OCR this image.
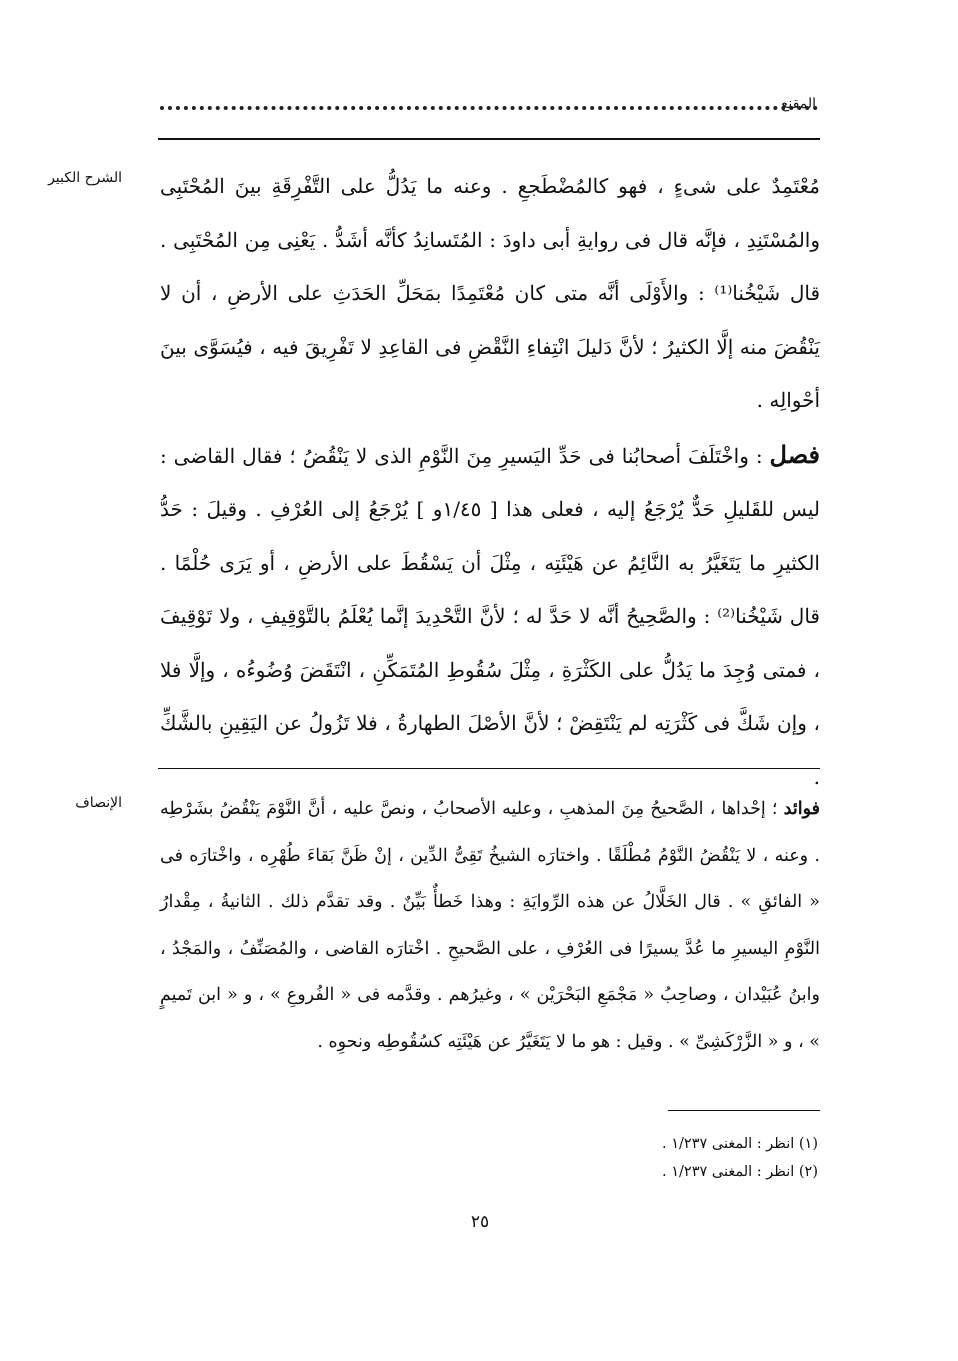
المقنع
الشرح الكبير مُعْتَمِدٌ على شىءٍ ، فهو كالمُضْطَجعِ . وعنه ما يَدُلُّ على التَّفْرِقَةِ بينَ المُحْتَبِى والمُسْتَنِدِ ، فإنَّه قال فى روايةِ أبى داودَ : المُتَسانِدُ كأنَّه أشَدُّ . يَعْنِى مِن المُحْتَبِى . قال شَيْخُنا⁽¹⁾ : والأَوْلَى أنَّه متى كان مُعْتَمِدًا بمَحَلِّ الحَدَثِ على الأرضِ ، أن لا يَنْقُضَ منه إلَّا الكثيرُ ؛ لأنَّ دَليلَ انْتِفاءِ النَّقْضِ فى القاعِدِ لا تَفْرِيقَ فيه ، فيُسَوَّى بينَ أحْوالِه .

فصل : واخْتَلَفَ أصحابُنا فى حَدِّ اليَسيرِ مِنَ النَّوْمِ الذى لا يَنْقُضُ ؛ فقال القاضى : ليس للقَليلِ حَدٌّ يُرْجَعُ إليه ، فعلى هذا [ ١/٤٥و ] يُرْجَعُ إلى العُرْفِ . وقيلَ : حَدُّ الكثيرِ ما يَتَغَيَّرُ به النَّائِمُ عن هَيْئَتِه ، مِثْلَ أن يَسْقُطَ على الأرضِ ، أو يَرَى حُلْمًا . قال شَيْخُنا⁽²⁾ : والصَّحِيحُ أنَّه لا حَدَّ له ؛ لأنَّ التَّحْدِيدَ إنَّما يُعْلَمُ بالتَّوْقِيفِ ، ولا تَوْقِيفَ ، فمتى وُجِدَ ما يَدُلُّ على الكَثْرَةِ ، مِثْلَ سُقُوطِ المُتَمَكِّنِ ، انْتَقَضَ وُضُوءُه ، وإلَّا فلا ، وإن شَكَّ فى كَثْرَتِه لم يَنْتَقِضْ ؛ لأنَّ الأصْلَ الطهارةُ ، فلا تَزُولُ عن اليَقِينِ بالشَّكِّ .

الإنصاف	فوائد ؛ إحْداها ، الصَّحيحُ مِنَ المذهبِ ، وعليه الأصحابُ ، ونصَّ عليه ، أنَّ النَّوْمَ يَنْقُضُ بشَرْطِه . وعنه ، لا يَنْقُضُ النَّوْمُ مُطْلَقًا . واختارَه الشيخُ تَقِىُّ الدِّين ، إنْ ظَنَّ بَقاءَ طُهْرِه ، واخْتارَه فى « الفائقِ » . قال الخَلَّالُ عن هذه الرِّوايَةِ : وهذا خَطأٌ بَيِّنٌ . وقد تقدَّم ذلك . الثانيةُ ، مِقْدارُ النَّوْمِ اليسيرِ ما عُدَّ يسيرًا فى العُرْفِ ، على الصَّحيحِ . اخْتارَه القاضى ، والمُصَنِّفُ ، والمَجْدُ ، وابنُ عُبَيْدان ، وصاحِبُ « مَجْمَعِ البَحْرَيْن » ، وغيرُهم . وقدَّمه فى « الفُروعِ » ، و « ابن تَميمٍ » ، و « الزَّرْكَشِىِّ » . وقيل : هو ما لا يَتَغَيَّرُ عن هَيْئَتِه كسُقُوطِه ونحوِه .

(١) انظر : المغنى ١/٢٣٧ .
(٢) انظر : المغنى ١/٢٣٧ .
٢٥
